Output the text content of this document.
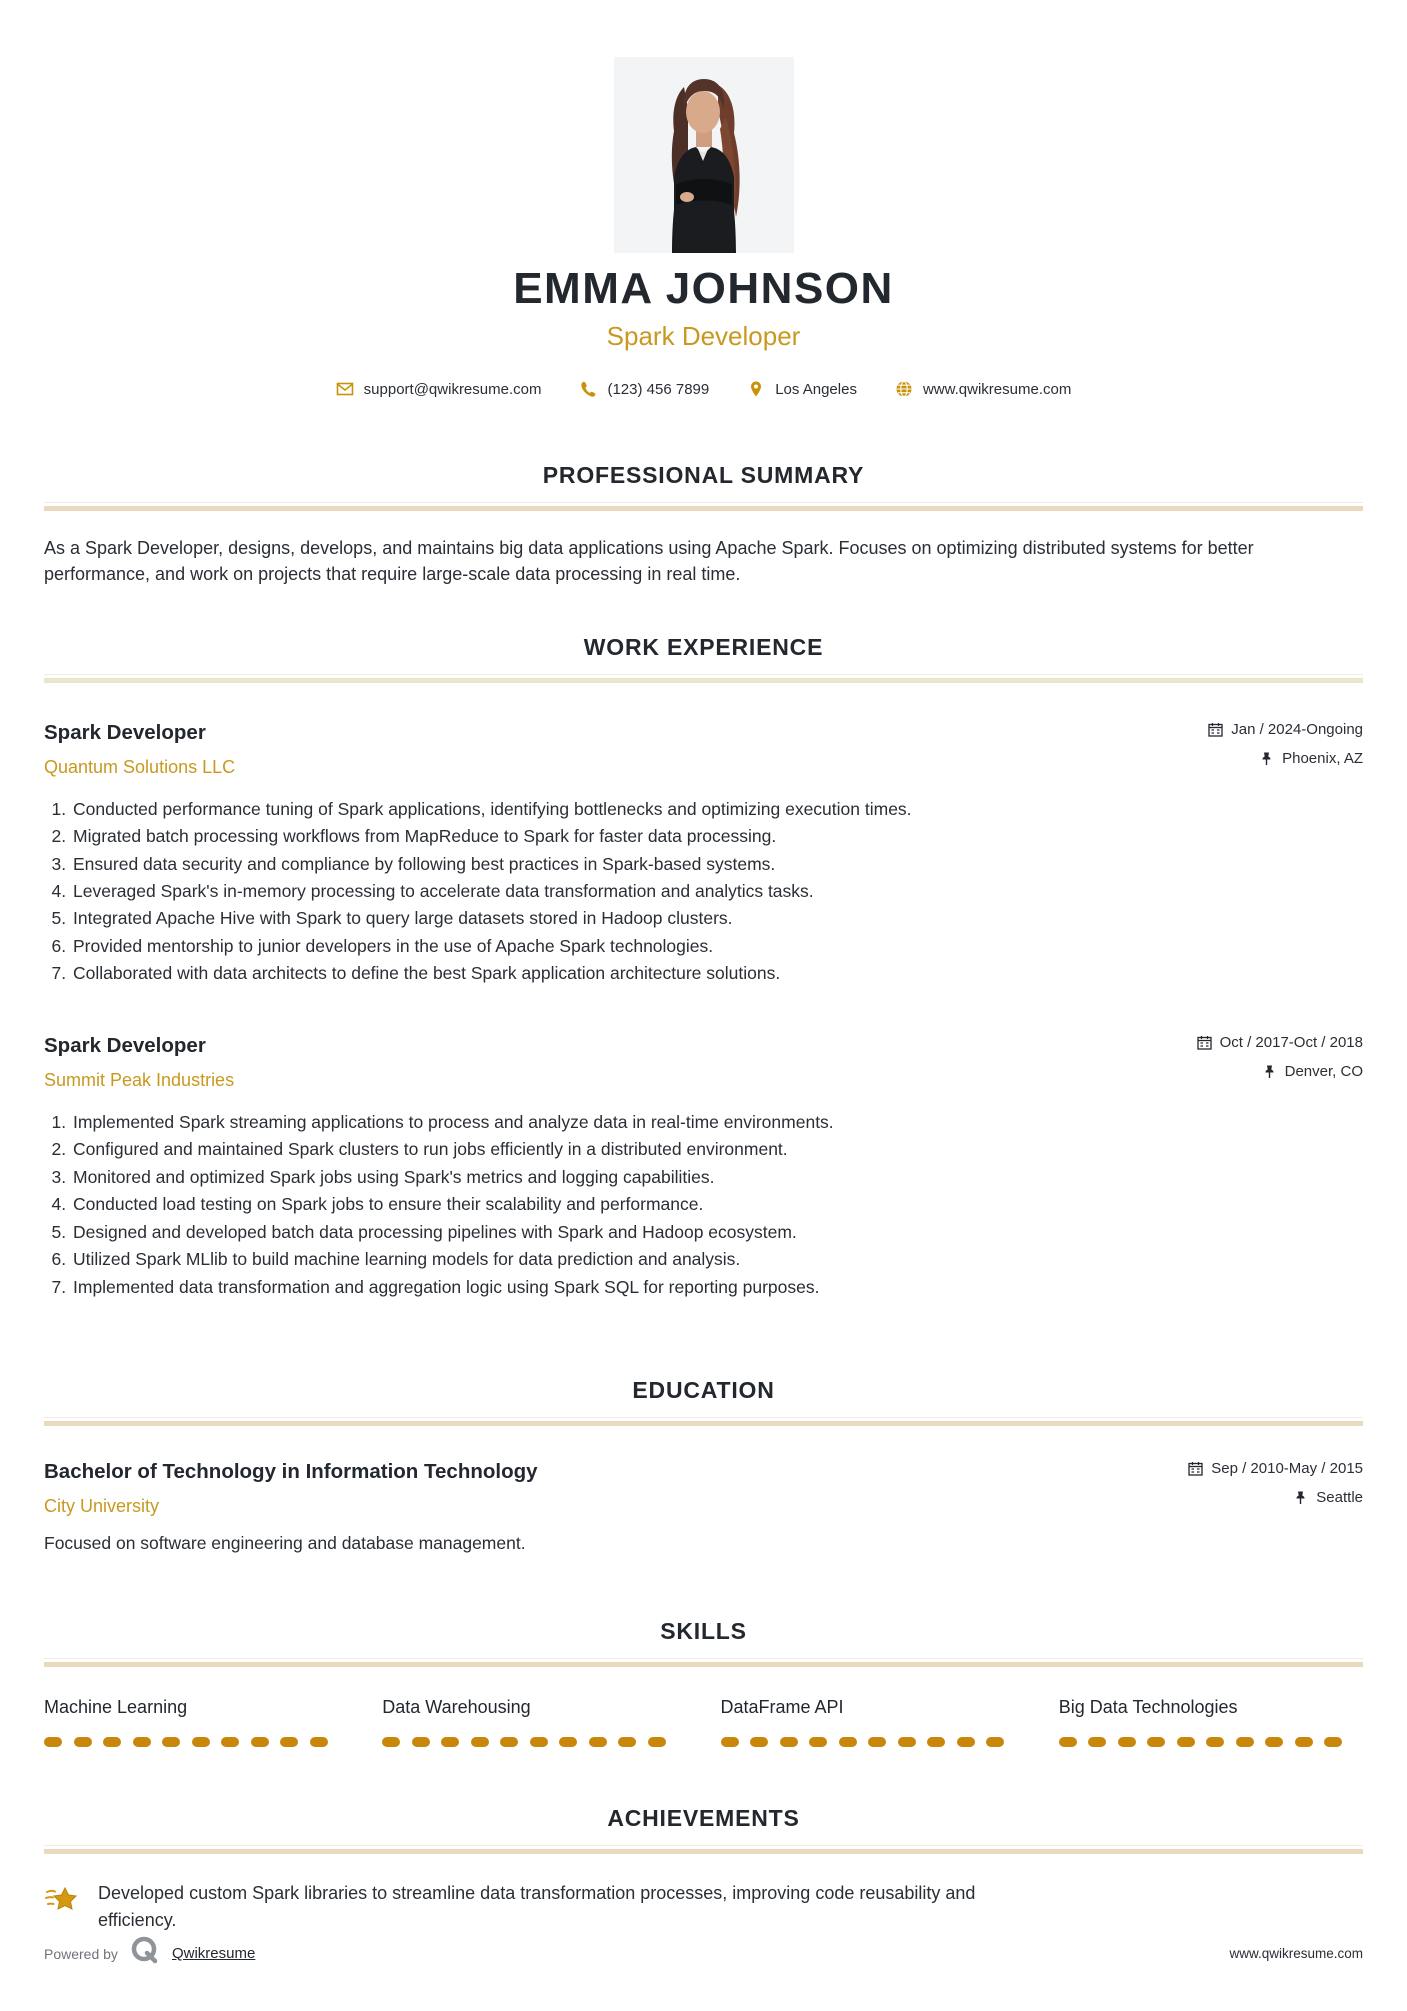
EMMA JOHNSON
Spark Developer
support@qwikresume.com	(123) 456 7899	Los Angeles	www.qwikresume.com
PROFESSIONAL SUMMARY
As a Spark Developer, designs, develops, and maintains big data applications using Apache Spark. Focuses on optimizing distributed systems for better performance, and work on projects that require large-scale data processing in real time.
WORK EXPERIENCE
Spark Developer
Quantum Solutions LLC
Jan / 2024-Ongoing
Phoenix, AZ
1. Conducted performance tuning of Spark applications, identifying bottlenecks and optimizing execution times.
2. Migrated batch processing workflows from MapReduce to Spark for faster data processing.
3. Ensured data security and compliance by following best practices in Spark-based systems.
4. Leveraged Spark's in-memory processing to accelerate data transformation and analytics tasks.
5. Integrated Apache Hive with Spark to query large datasets stored in Hadoop clusters.
6. Provided mentorship to junior developers in the use of Apache Spark technologies.
7. Collaborated with data architects to define the best Spark application architecture solutions.
Spark Developer
Summit Peak Industries
Oct / 2017-Oct / 2018
Denver, CO
1. Implemented Spark streaming applications to process and analyze data in real-time environments.
2. Configured and maintained Spark clusters to run jobs efficiently in a distributed environment.
3. Monitored and optimized Spark jobs using Spark's metrics and logging capabilities.
4. Conducted load testing on Spark jobs to ensure their scalability and performance.
5. Designed and developed batch data processing pipelines with Spark and Hadoop ecosystem.
6. Utilized Spark MLlib to build machine learning models for data prediction and analysis.
7. Implemented data transformation and aggregation logic using Spark SQL for reporting purposes.
EDUCATION
Bachelor of Technology in Information Technology
City University
Sep / 2010-May / 2015
Seattle
Focused on software engineering and database management.
SKILLS
Machine Learning	Data Warehousing	DataFrame API	Big Data Technologies
ACHIEVEMENTS
Developed custom Spark libraries to streamline data transformation processes, improving code reusability and efficiency.
Powered by	Qwikresume	www.qwikresume.com
